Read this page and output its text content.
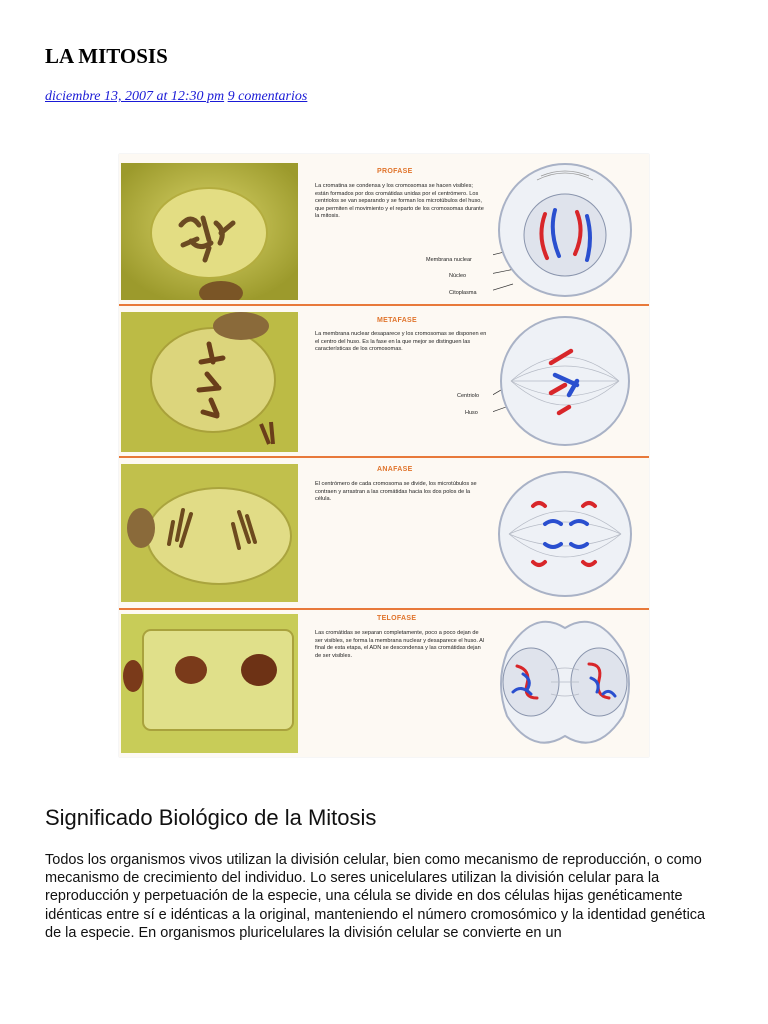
LA MITOSIS
diciembre 13, 2007 at 12:30 pm 9 comentarios
PROFASE
La cromatina se condensa y los cromosomas se hacen visibles; están formados por dos cromátidas unidas por el centrómero. Los centriolos se van separando y se forman los microtúbulos del huso, que permiten el movimiento y el reparto de los cromosomas durante la mitosis.
Membrana nuclear
Núcleo
Citoplasma
METAFASE
La membrana nuclear desaparece y los cromosomas se disponen en el centro del huso. Es la fase en la que mejor se distinguen las características de los cromosomas.
Centriolo
Huso
ANAFASE
El centrómero de cada cromosoma se divide, los microtúbulos se contraen y arrastran a las cromátidas hacia los dos polos de la célula.
TELOFASE
Las cromátidas se separan completamente, poco a poco dejan de ser visibles, se forma la membrana nuclear y desaparece el huso. Al final de esta etapa, el ADN se descondensa y las cromátidas dejan de ser visibles.
Significado Biológico de la Mitosis

Todos los organismos vivos utilizan la división celular, bien como mecanismo de reproducción, o como mecanismo de crecimiento del individuo. Lo seres unicelulares utilizan la división celular para la reproducción y perpetuación de la especie, una célula se divide en dos células hijas genéticamente idénticas entre sí e idénticas a la original, manteniendo el número cromosómico y la identidad genética de la especie. En organismos pluricelulares la división celular se convierte en un
